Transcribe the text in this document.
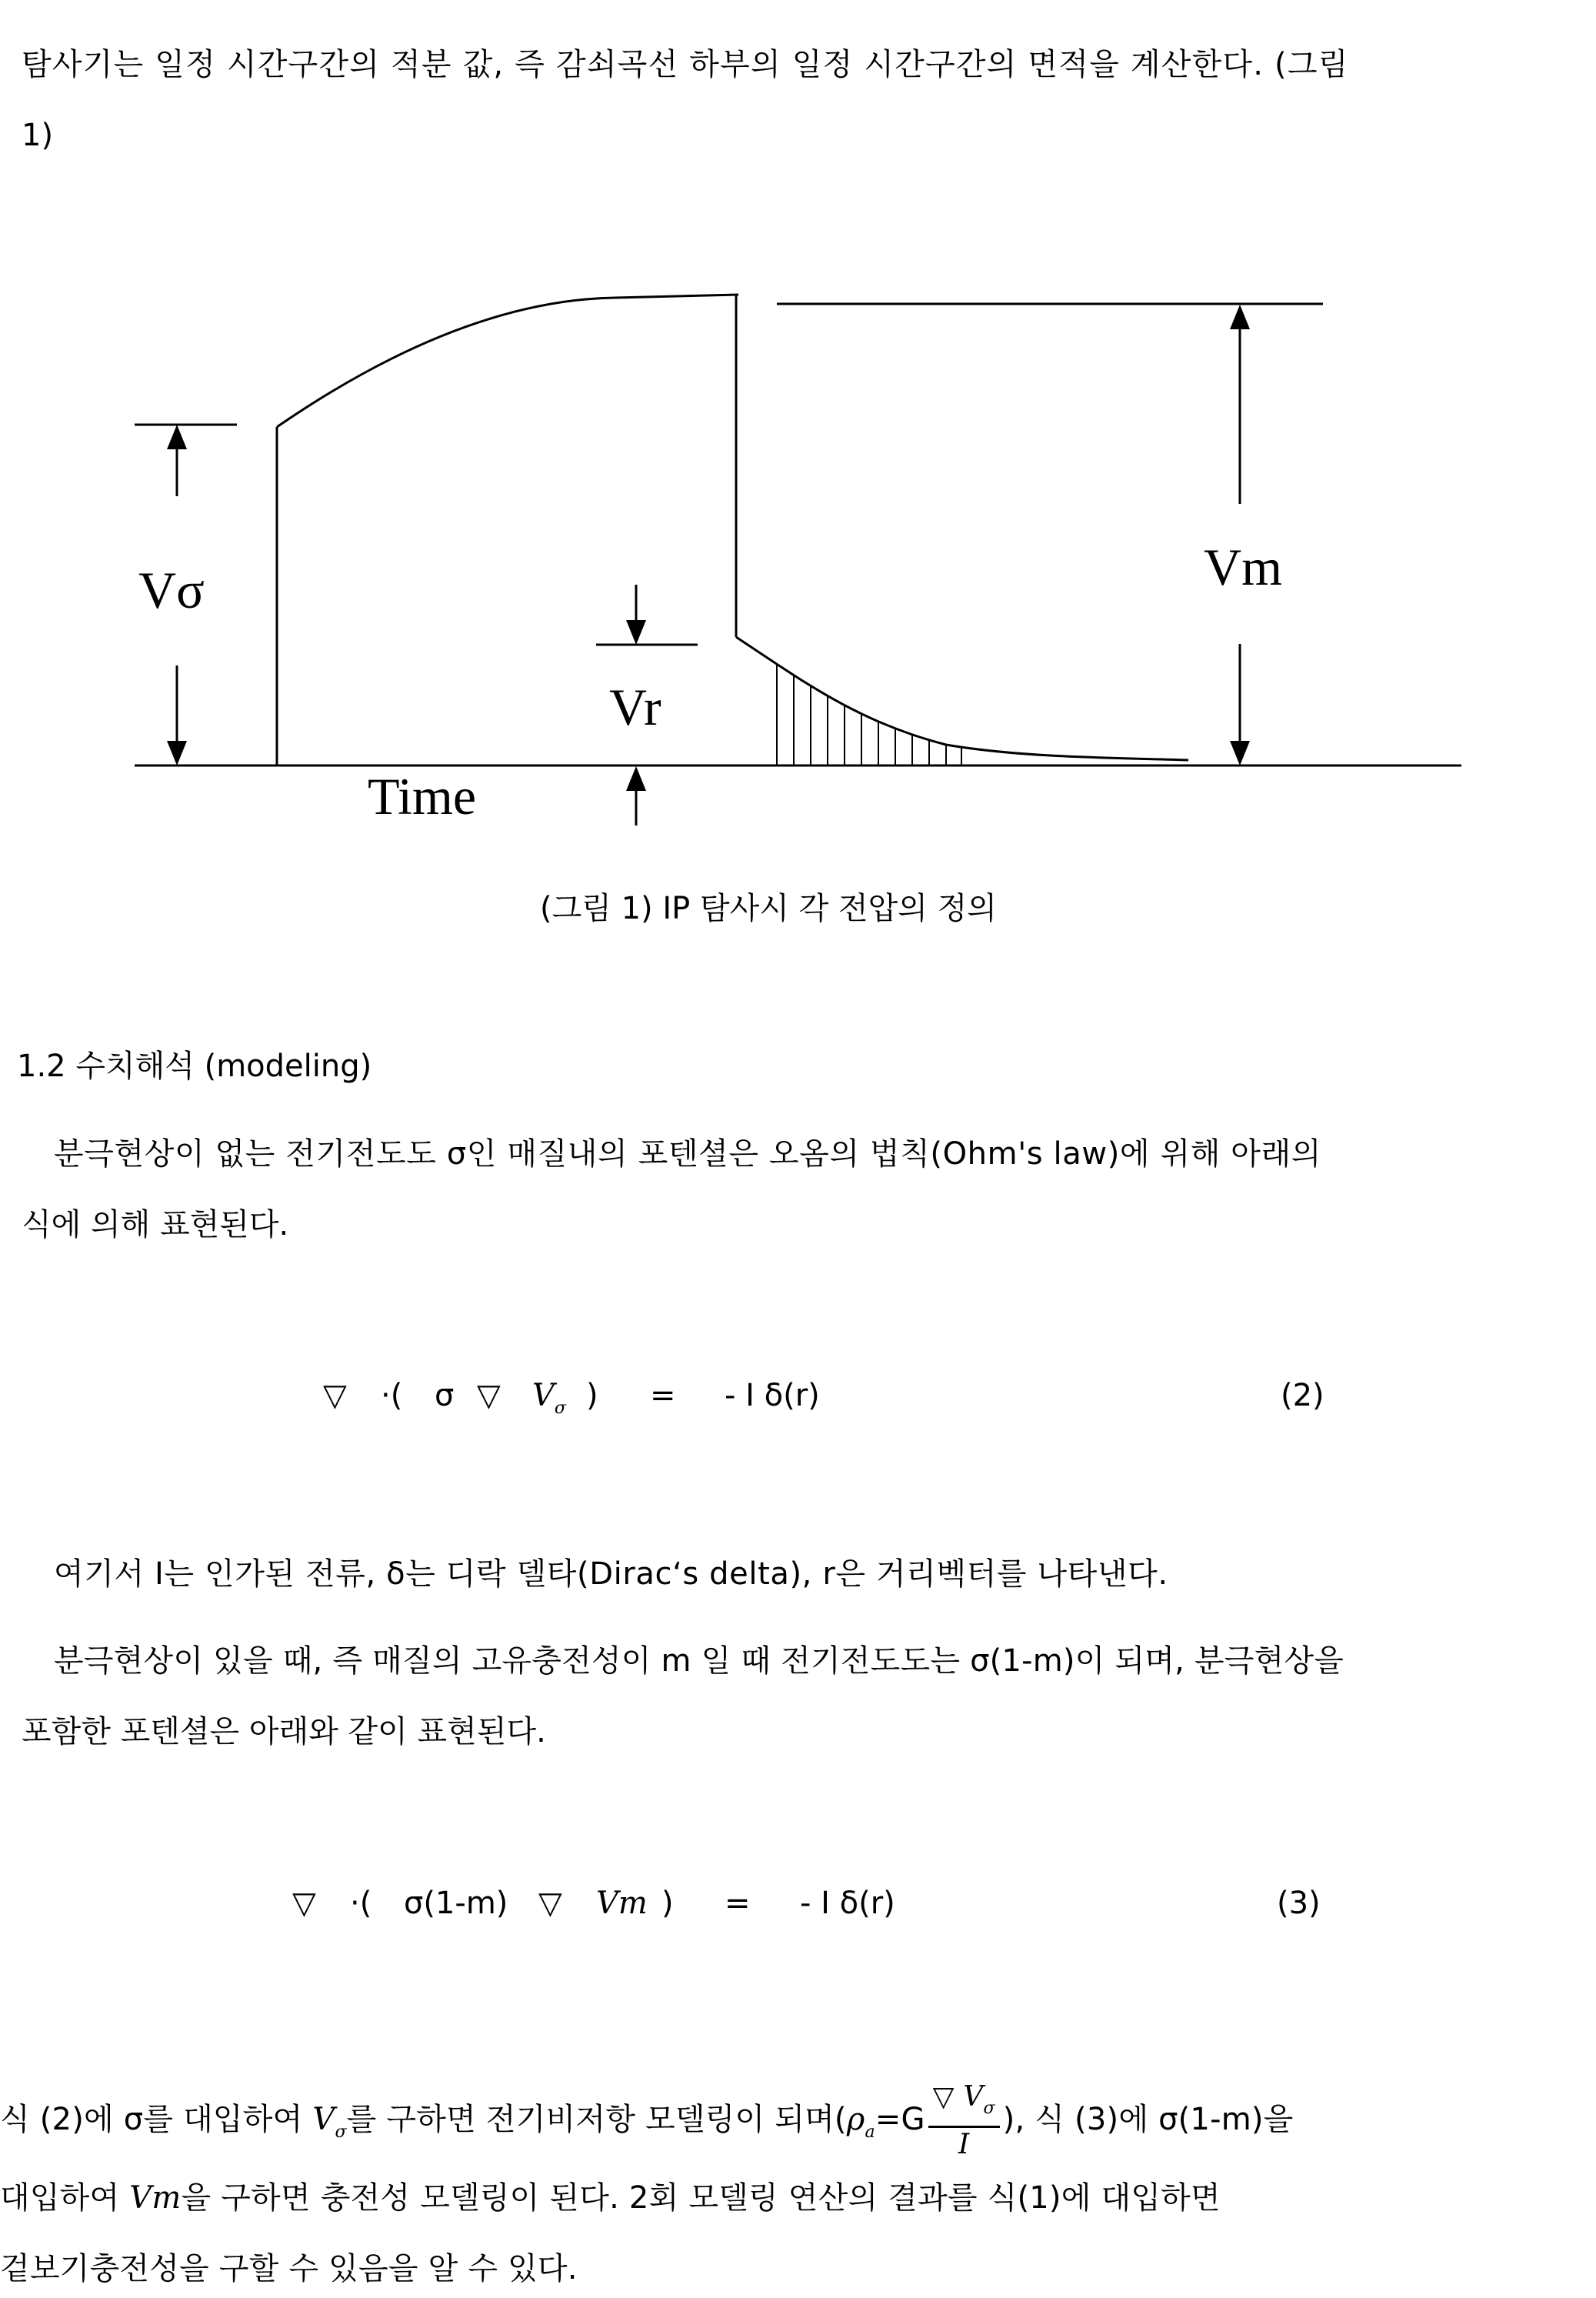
탐사기는 일정 시간구간의 적분 값, 즉 감쇠곡선 하부의 일정 시간구간의 면적을 계산한다. (그림
1)
Vσ	Vm
Vr
Time
(그림 1) IP 탐사시 각 전압의 정의
1.2 수치해석 (modeling)
분극현상이 없는 전기전도도 σ인 매질내의 포텐셜은 오옴의 법칙(Ohm's law)에 위해 아래의
식에 의해 표현된다.
▽ ·( σ ▽ $V_\sigma$ ) = - I δ(r)	(2)
여기서 I는 인가된 전류, δ는 디락 델타(Dirac‘s delta), r은 거리벡터를 나타낸다.
분극현상이 있을 때, 즉 매질의 고유충전성이 m 일 때 전기전도도는 σ(1-m)이 되며, 분극현상을
포함한 포텐셜은 아래와 같이 표현된다.
▽ ·( σ(1-m) ▽ Vm ) = - I δ(r)	(3)
식 (2)에 σ를 대입하여 $V_\sigma$를 구하면 전기비저항 모델링이 되며($\rho_a=G \frac{▽ V_\sigma}{I}$ ), 식 (3)에 σ(1-m)을
대입하여 Vm을 구하면 충전성 모델링이 된다. 2회 모델링 연산의 결과를 식(1)에 대입하면
겉보기충전성을 구할 수 있음을 알 수 있다.
